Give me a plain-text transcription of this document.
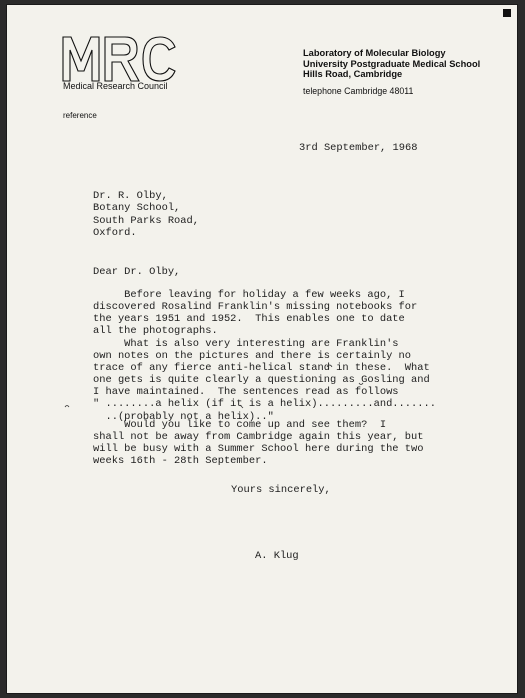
Medical Research Council
Laboratory of Molecular Biology
University Postgraduate Medical School
Hills Road, Cambridge
telephone Cambridge 48011
reference
3rd September, 1968
Dr. R. Olby,
Botany School,
South Parks Road,
Oxford.
Dear Dr. Olby,
Before leaving for holiday a few weeks ago, I
discovered Rosalind Franklin's missing notebooks for
the years 1951 and 1952.  This enables one to date
all the photographs.
What is also very interesting are Franklin's
own notes on the pictures and there is certainly no
trace of any fierce anti-helical stand in these.  What
one gets is quite clearly a questioning as Gosling and
I have maintained.  The sentences read as follows
" ........a helix (if it is a helix).........and.......
..(probably not a helix).."
Would you like to come up and see them?  I
shall not be away from Cambridge again this year, but
will be busy with a Summer School here during the two
weeks 16th - 28th September.
Yours sincerely,
A. Klug
